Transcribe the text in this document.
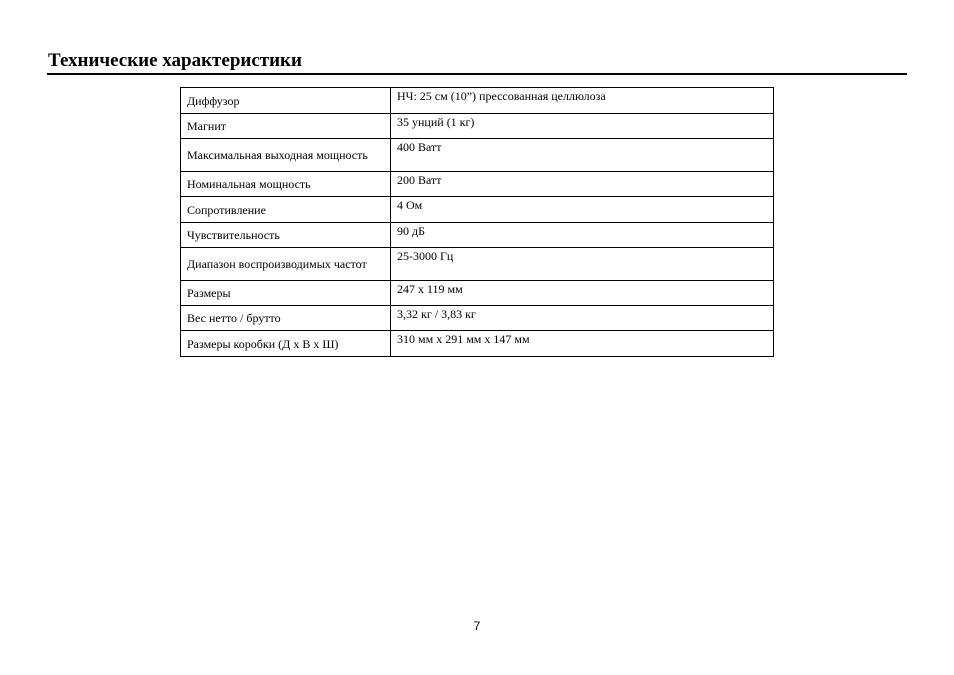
Технические характеристики
Диффузор	НЧ: 25 см (10”) прессованная целлюлоза
Магнит	35 унций (1 кг)
Максимальная выходная мощность	400 Ватт
Номинальная мощность	200 Ватт
Сопротивление	4 Ом
Чувствительность	90 дБ
Диапазон воспроизводимых частот	25-3000 Гц
Размеры	247 x 119 мм
Вес нетто / брутто	3,32 кг / 3,83 кг
Размеры коробки (Д x В x Ш)	310 мм x 291 мм x 147 мм
7
